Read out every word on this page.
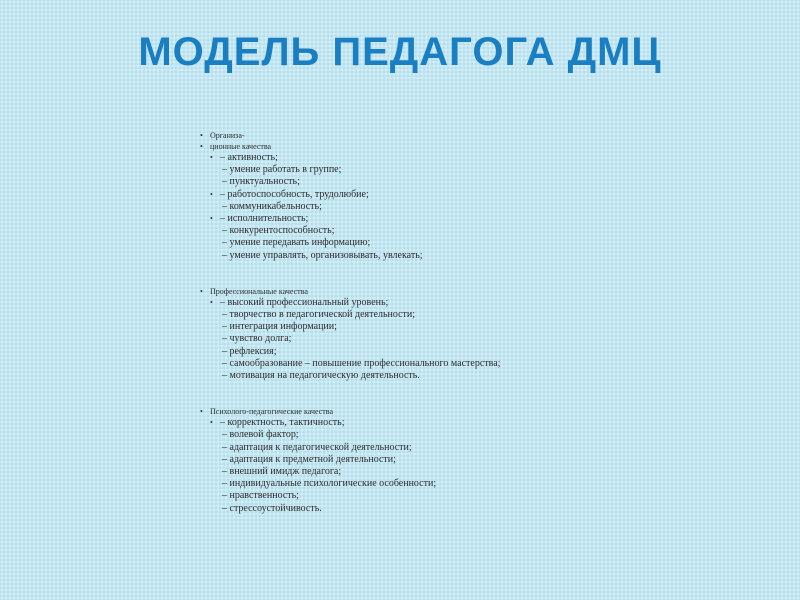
МОДЕЛЬ ПЕДАГОГА ДМЦ
• Организа-
• ционные качества
• – активность;
– умение работать в группе;
– пунктуальность;
• – работоспособность, трудолюбие;
– коммуникабельность;
• – исполнительность;
– конкурентоспособность;
– умение передавать информацию;
– умение управлять, организовывать, увлекать;
• Профессиональные качества
• – высокий профессиональный уровень;
– творчество в педагогической деятельности;
– интеграция информации;
– чувство долга;
– рефлексия;
– самообразование – повышение профессионального мастерства;
– мотивация на педагогическую деятельность.
• Психолого-педагогические качества
• – корректность, тактичность;
– волевой фактор;
– адаптация к педагогической деятельности;
– адаптация к предметной деятельности;
– внешний имидж педагога;
– индивидуальные психологические особенности;
– нравственность;
– стрессоустойчивость.
